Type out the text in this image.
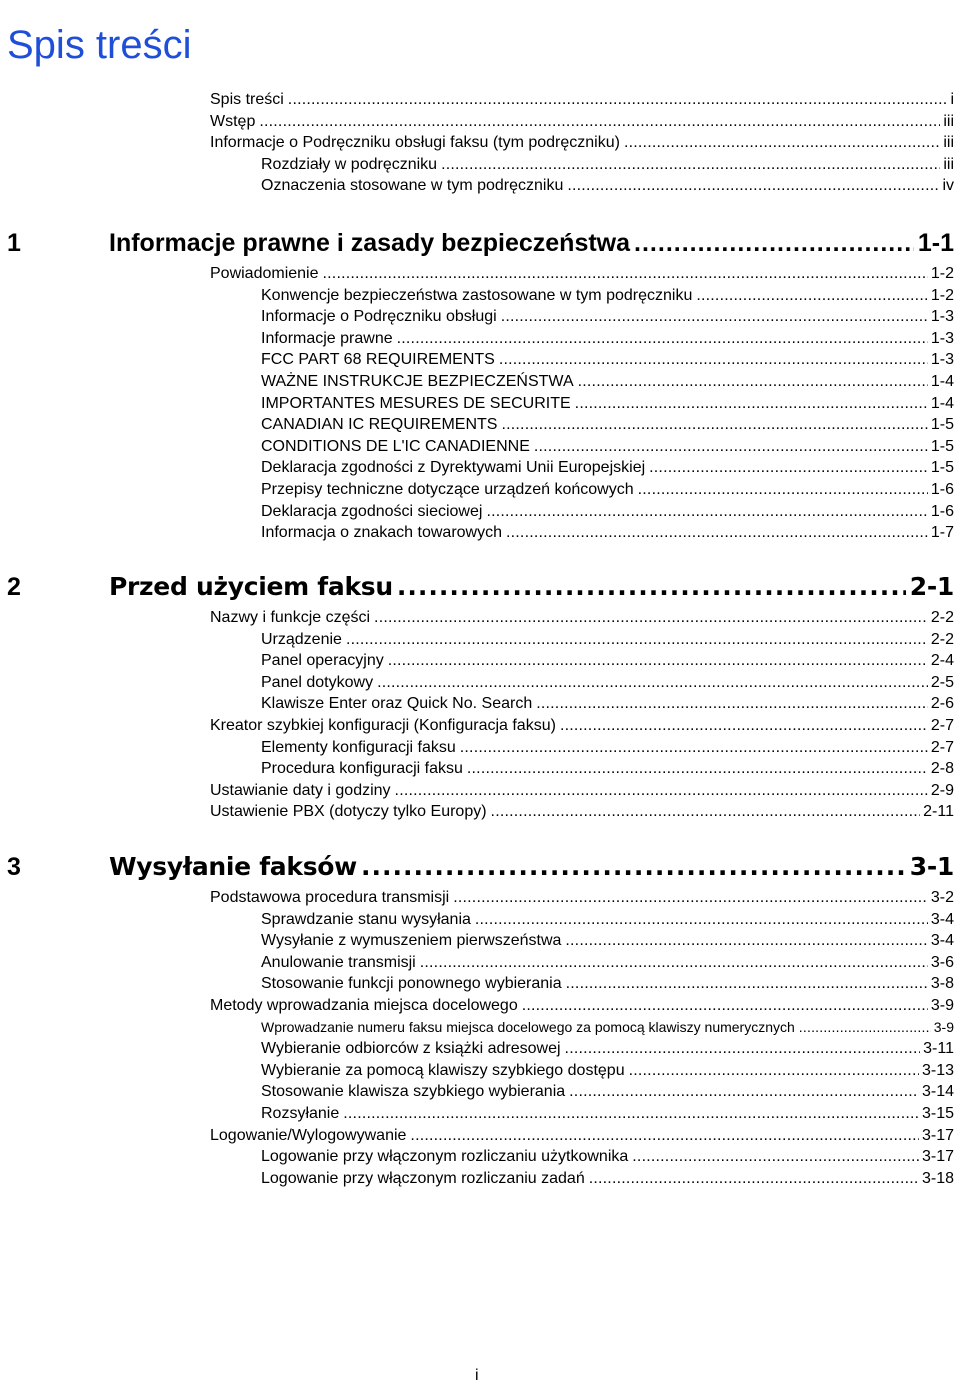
Spis treści
Spis treści .....	i
Wstęp .....	iii
Informacje o Podręczniku obsługi faksu (tym podręczniku) .....	iii
Rozdziały w podręczniku .....	iii
Oznaczenia stosowane w tym podręczniku .....	iv
1	Informacje prawne i zasady bezpieczeństwa .....	1-1
Powiadomienie .....	1-2
Konwencje bezpieczeństwa zastosowane w tym podręczniku .....	1-2
Informacje o Podręczniku obsługi .....	1-3
Informacje prawne .....	1-3
FCC PART 68 REQUIREMENTS .....	1-3
WAŻNE INSTRUKCJE BEZPIECZEŃSTWA .....	1-4
IMPORTANTES MESURES DE SECURITE .....	1-4
CANADIAN IC REQUIREMENTS .....	1-5
CONDITIONS DE L'IC CANADIENNE .....	1-5
Deklaracja zgodności z Dyrektywami Unii Europejskiej .....	1-5
Przepisy techniczne dotyczące urządzeń końcowych .....	1-6
Deklaracja zgodności sieciowej .....	1-6
Informacja o znakach towarowych .....	1-7
2	Przed użyciem faksu .....	2-1
Nazwy i funkcje części .....	2-2
Urządzenie .....	2-2
Panel operacyjny .....	2-4
Panel dotykowy .....	2-5
Klawisze Enter oraz Quick No. Search .....	2-6
Kreator szybkiej konfiguracji (Konfiguracja faksu) .....	2-7
Elementy konfiguracji faksu .....	2-7
Procedura konfiguracji faksu .....	2-8
Ustawianie daty i godziny .....	2-9
Ustawienie PBX (dotyczy tylko Europy) .....	2-11
3	Wysyłanie faksów .....	3-1
Podstawowa procedura transmisji .....	3-2
Sprawdzanie stanu wysyłania .....	3-4
Wysyłanie z wymuszeniem pierwszeństwa .....	3-4
Anulowanie transmisji .....	3-6
Stosowanie funkcji ponownego wybierania .....	3-8
Metody wprowadzania miejsca docelowego .....	3-9
Wprowadzanie numeru faksu miejsca docelowego za pomocą klawiszy numerycznych .....	3-9
Wybieranie odbiorców z książki adresowej .....	3-11
Wybieranie za pomocą klawiszy szybkiego dostępu .....	3-13
Stosowanie klawisza szybkiego wybierania .....	3-14
Rozsyłanie .....	3-15
Logowanie/Wylogowywanie .....	3-17
Logowanie przy włączonym rozliczaniu użytkownika .....	3-17
Logowanie przy włączonym rozliczaniu zadań .....	3-18
i
